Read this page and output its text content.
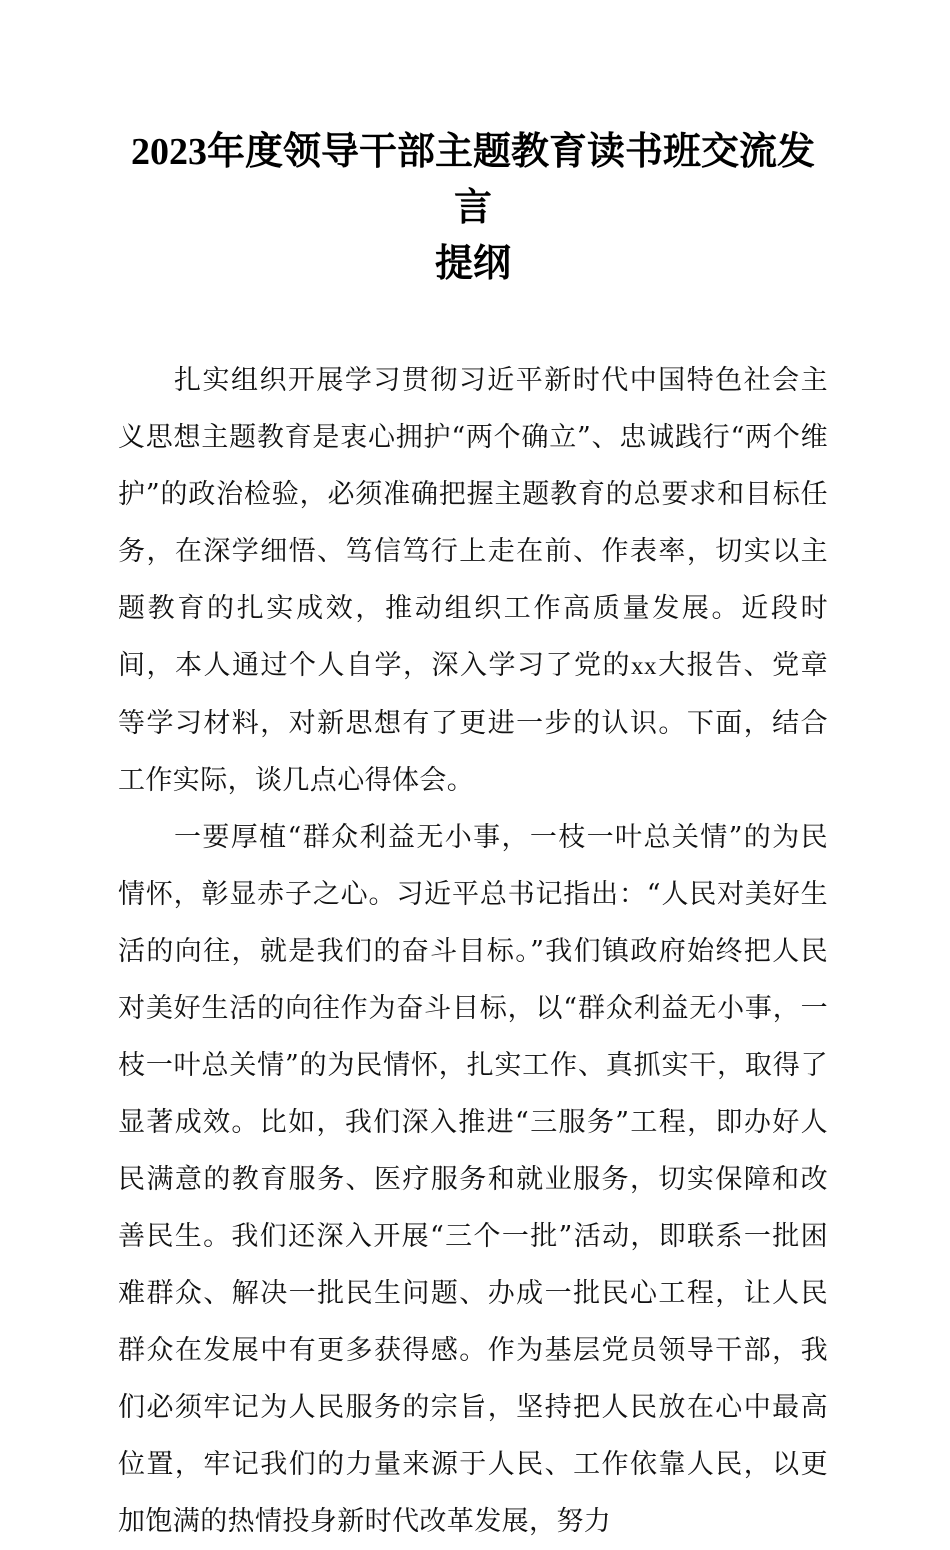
2023年度领导干部主题教育读书班交流发言
提纲

扎实组织开展学习贯彻习近平新时代中国特色社会主义思想主题教育是衷心拥护“两个确立”、忠诚践行“两个维护”的政治检验，必须准确把握主题教育的总要求和目标任务，在深学细悟、笃信笃行上走在前、作表率，切实以主题教育的扎实成效，推动组织工作高质量发展。近段时间，本人通过个人自学，深入学习了党的xx大报告、党章等学习材料，对新思想有了更进一步的认识。下面，结合工作实际，谈几点心得体会。

一要厚植“群众利益无小事，一枝一叶总关情”的为民情怀，彰显赤子之心。习近平总书记指出：“人民对美好生活的向往，就是我们的奋斗目标。”我们镇政府始终把人民对美好生活的向往作为奋斗目标，以“群众利益无小事，一枝一叶总关情”的为民情怀，扎实工作、真抓实干，取得了显著成效。比如，我们深入推进“三服务”工程，即办好人民满意的教育服务、医疗服务和就业服务，切实保障和改善民生。我们还深入开展“三个一批”活动，即联系一批困难群众、解决一批民生问题、办成一批民心工程，让人民群众在发展中有更多获得感。作为基层党员领导干部，我们必须牢记为人民服务的宗旨，坚持把人民放在心中最高位置，牢记我们的力量来源于人民、工作依靠人民，以更加饱满的热情投身新时代改革发展，努力
